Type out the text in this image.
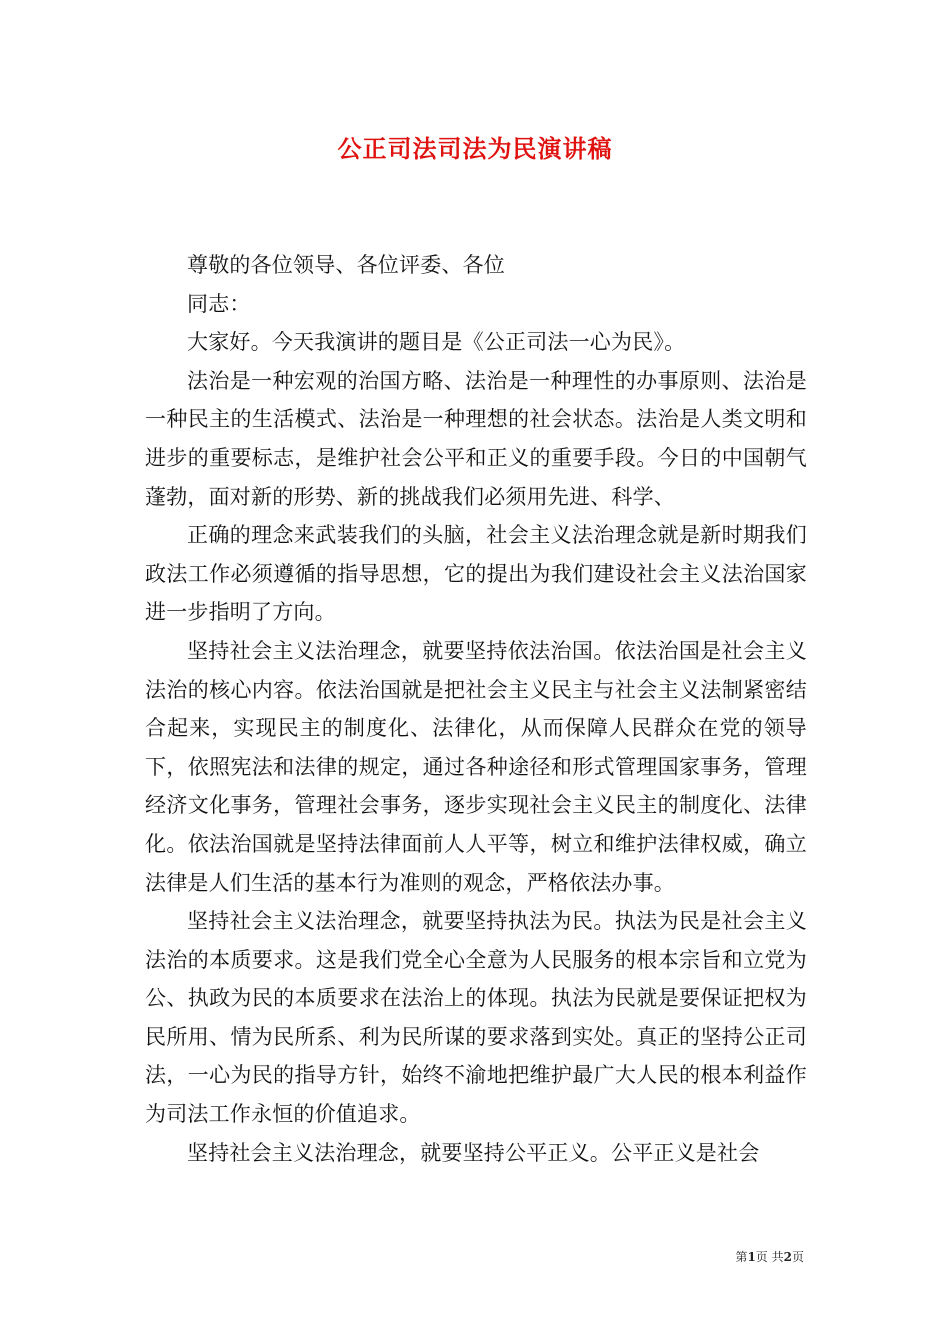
公正司法司法为民演讲稿

尊敬的各位领导、各位评委、各位

同志：

大家好。今天我演讲的题目是《公正司法一心为民》。

法治是一种宏观的治国方略、法治是一种理性的办事原则、法治是一种民主的生活模式、法治是一种理想的社会状态。法治是人类文明和进步的重要标志，是维护社会公平和正义的重要手段。今日的中国朝气蓬勃，面对新的形势、新的挑战我们必须用先进、科学、

正确的理念来武装我们的头脑，社会主义法治理念就是新时期我们政法工作必须遵循的指导思想，它的提出为我们建设社会主义法治国家进一步指明了方向。

坚持社会主义法治理念，就要坚持依法治国。依法治国是社会主义法治的核心内容。依法治国就是把社会主义民主与社会主义法制紧密结合起来，实现民主的制度化、法律化，从而保障人民群众在党的领导下，依照宪法和法律的规定，通过各种途径和形式管理国家事务，管理经济文化事务，管理社会事务，逐步实现社会主义民主的制度化、法律化。依法治国就是坚持法律面前人人平等，树立和维护法律权威，确立法律是人们生活的基本行为准则的观念，严格依法办事。

坚持社会主义法治理念，就要坚持执法为民。执法为民是社会主义法治的本质要求。这是我们党全心全意为人民服务的根本宗旨和立党为公、执政为民的本质要求在法治上的体现。执法为民就是要保证把权为民所用、情为民所系、利为民所谋的要求落到实处。真正的坚持公正司法，一心为民的指导方针，始终不渝地把维护最广大人民的根本利益作为司法工作永恒的价值追求。

坚持社会主义法治理念，就要坚持公平正义。公平正义是社会

第1页 共2页
